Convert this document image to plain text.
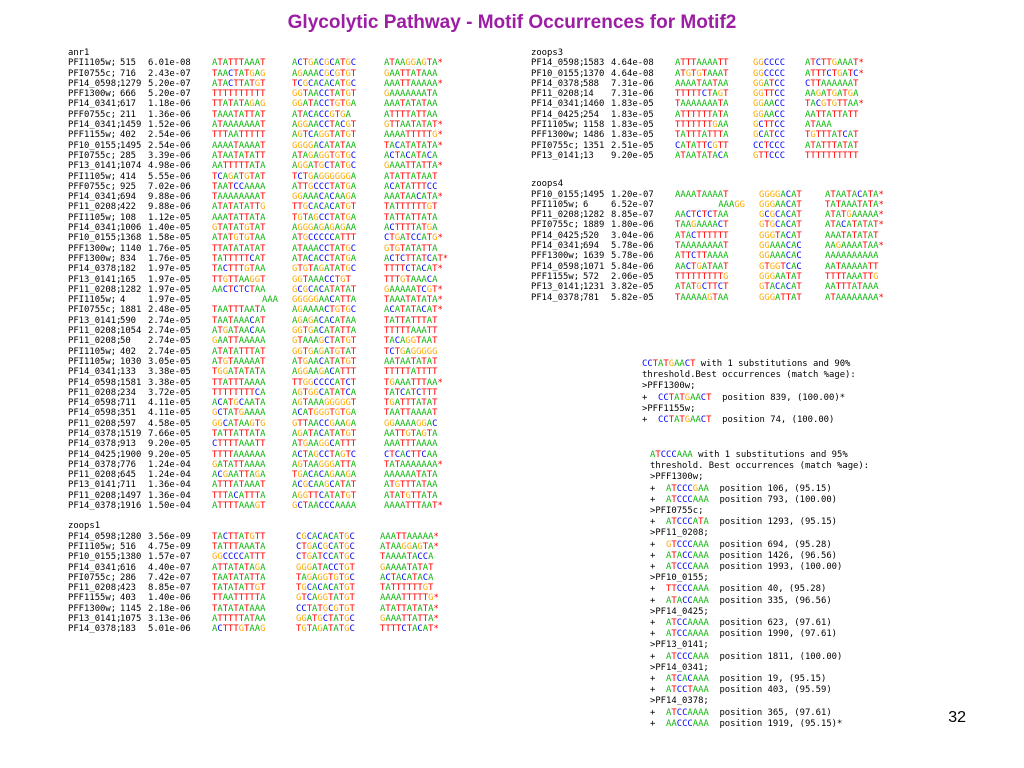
Glycolytic Pathway - Motif Occurrences for Motif2
anr1
PFI1105w; 515 6.01e-08 ATATTTAAAT	ACTGACGCATGC	ATAAGGAGTA*
PFI0755c; 716 2.43e-07 TAACTATGAG	AGAAACGCGTGT	GAATTATAAA
PF14_0598;1279 5.20e-07 ATACTTATGT	TCGCACACATGC	AAATTAAAAA*
PFF1300w; 666 5.20e-07 TTTTTTTTTT	GGTAACCTATGT	GAAAAAAATA
PF14_0341;617 1.18e-06 TTATATAGAG	GGATACCTGTGA	AAATATATAA
PFF0755c; 211 1.36e-06 TAAATATTAT	ATACACCGTGA	ATTTTATTAA
PF14_0341;1459 1.52e-06 ATAAAAAAAT	AGGAACCTACGT	GTTAATATAT*
PFF1155w; 402 2.54e-06 TTTAATTTTT	AGTCAGGTATGT	AAAATTTTTG*
PF10_0155;1495 2.54e-06 AAAATAAAAT	GGGGACATATAA	TACATATATA*
PFI0755c; 285 3.39e-06 ATAATATATT	ATAGAGGTGTGC	ACTACATACA
PF13_0141;1074 4.98e-06 AATTTTTATA	AGGATGCTATGC	GAAATTATTA*
PFI1105w; 414 5.55e-06 TCAGATGTAT	TCTGAGGGGGGA	ATATTATAAT
PFF0755c; 925 7.02e-06 TAATCCAAAA	ATTGCCCTATGA	ACATATTTCC
PF14_0341;694 9.88e-06 TAAAAAAAAT	GGAAACACAAGA	AAATAACATA*
PF11_0208;422 9.88e-06 ATATATATTG	TTGCACACATGT	TATTTTTTGT
PFI1105w; 108 1.12e-05 AAATATTATA	TGTAGCCTATGA	TATTATTATA
PF14_0341;1006 1.40e-05 GTATATGTAT	AGGGAGAGAGAA	ACTTTTATGA
PF10_0155;1368 1.58e-05 ATATGTGTAA	ATGCCCCCATTT	CTGATCCATG*
PFF1300w; 1140 1.76e-05 TTATATATAT	ATAAACCTATGC	GTGTATATTA
PFF1300w; 834 1.76e-05 TATTTTTCAT	ATACACCTATGA	ACTCTTATCAT*
PF14_0378;182 1.97e-05 TACTTTGTAA	GTGTAGATATGC	TTTTCTACAT*
PF13_0141;165 1.97e-05 TTGTTAAGGT	GGTAAACCTGT	TTTGTAAACA
PF11_0208;1282 1.97e-05 AACTCTCTAA	GCGCACATATAT	GAAAAATCGT*
PFI1105w; 4	1.97e-05	AAA GGGGGAACATTA	TAAATATATA*
PFI0755c; 1881 2.48e-05 TAATTTAATA	AGAAAACTGTGC	ACATATACAT*
PF13_0141;590 2.74e-05 TAATAAACAT	AGAGACACATAA	TATTATTTAT
PF11_0208;1054 2.74e-05 ATGATAACAA	GGTGACATATTA	TTTTTAAATT
PF11_0208;50 2.74e-05 GAATTAAAAA	GTAAAGCTATGT	TACAGGTAAT
PFI1105w; 402 2.74e-05 ATATATTTAT	GGTGAGATGTAT	TCTGAGGGGG
PFI1105w; 1030 3.05e-05 ATGTAAAAAT	ATGAACATATGT	AATAATATAT
PF14_0341;133 3.38e-05 TGGATATATA	AGGAAGACATTT	TTTTTATTTT
PF14_0598;1581 3.38e-05 TTATTTAAAA	TTGGCCCCATCT	TGAAATTTAA*
PF11_0208;234 3.72e-05 TTTTTTTTCA	AGTGGCATATCA	TATCATCTTT
PF14_0598;711 4.11e-05 ACATGCAATA	AGTAAAGGGGGT	TGATTTATAT
PF14_0598;351 4.11e-05 GCTATGAAAA	ACATGGGTGTGA	TAATTAAAAT
PF11_0208;597 4.58e-05 GGCATAAGTG	GTTAACCGAAGA	GGAAAAGGAC
PF14_0378;1519 7.66e-05 TATTATTATA	AGATACATATGT	AATTGTAGTA
PF14_0378;913 9.20e-05 CTTTTAAATT	ATGAAGGCATTT	AAATTTAAAA
PF14_0425;1900 9.20e-05 TTTTAAAAAA	ACTAGCCTAGTC	CTCACTTCAA
PF14_0378;776 1.24e-04 GATATTAAAA	AGTAAGGGATTA	TATAAAAAAA*
PF11_0208;645 1.24e-04 ACGAATTAGA	TGACACAGAAGA	AAAAAATATA
PF13_0141;711 1.36e-04 ATTTATAAAT	ACGCAAGCATAT	ATGTTTATAA
PF11_0208;1497 1.36e-04 TTTACATTTA	AGGTTCATATGT	ATATGTTATA
PF14_0378;1916 1.50e-04 ATTTTAAAGT	GCTAACCCAAAA	AAAATTTAAT*
zoops1
PF14_0598;1280 3.56e-09 TACTTATGTT	CGCACACATGC	AAATTAAAAA*
PFI1105w; 516 4.75e-09 TATTTAAATA	CTGACGCATGC	ATAAGGAGTA*
PF10_0155;1380 1.57e-07 GGCCCCATTT	CTGATCCATGC	TAAAATACCA
PF14_0341;616 4.40e-07 ATTATATAGA	GGGATACCTGT	GAAAATATAT
PFI0755c; 286 7.42e-07 TAATATATTA	TAGAGGTGTGC	ACTACATACA
PF11_0208;423 8.85e-07 TATATATTGT	TGCACACATGT	TATTTTTTGT
PFF1155w; 403 1.40e-06 TTAATTTTTA	GTCAGGTATGT	AAAATTTTTG*
PFF1300w; 1145 2.18e-06 TATATATAAA	CCTATGCGTGT	ATATTATATA*
PF13_0141;1075 3.13e-06 ATTTTTATAA	GGATGCTATGC	GAAATTATTA*
PF14_0378;183 5.01e-06 ACTTTGTAAG	TGTAGATATGC	TTTTCTACAT*
zoops3
PF14_0598;1583 4.64e-08 ATTTAAAATT	GGCCCC ATCTTGAAAT*
PF10_0155;1370 4.64e-08 ATGTGTAAAT	GGCCCC ATTTCTGATC*
PF14_0378;588 7.31e-06 AAAATAATAA	GGATCC CTTAAAAAAT
PF11_0208;14 7.31e-06 TTTTTCTAGT	GGTTCC AAGATGATGA
PF14_0341;1460 1.83e-05 TAAAAAAATA	GGAACC TACGTGTTAA*
PF14_0425;254 1.83e-05 ATTTTTTATA	GGAACC AATTATTATT
PFI1105w; 1158 1.83e-05 TTTTTTTGAA	GCTTCC ATAAA
PFF1300w; 1486 1.83e-05 TATTTATTTA	GCATCC TGTTTATCAT
PFI0755c; 1351 2.51e-05 CATATTCGTT	CCTCCC ATATTTATAT
PF13_0141;13 9.20e-05 ATAATATACA	GTTCCC TTTTTTTTTT
zoops4
PF10_0155;1495 1.20e-07 AAAATAAAAT	GGGGACAT	ATAATACATA*
PFI1105w; 6	6.52e-07	AAAGG GGGAACAT	TATAAATATA*
PF11_0208;1282 8.85e-07 AACTCTCTAA	GCGCACAT	ATATGAAAAA*
PFI0755c; 1889 1.80e-06 TAAGAAAACT	GTGCACAT	ATACATATAT*
PF14_0425;520 3.04e-06 ATACTTTTTT	GGGTACAT	AAATATATAT
PF14_0341;694 5.78e-06 TAAAAAAAAT	GGAAACAC	AAGAAAATAA*
PFF1300w; 1639 5.78e-06 ATTCTTAAAA	GGAAACAC	AAAAAAAAAA
PF14_0598;1071 5.84e-06 AACTGATAAT	GTGGTCAC	AATAAAAATT
PFF1155w; 572 2.06e-05 TTTTTTTTTG	GGGAATAT	TTTTAAATTG
PF13_0141;1231 3.82e-05 ATATGCTTCT	GTACACAT	AATTTATAAA
PF14_0378;781 5.82e-05 TAAAAAGTAA	GGGATTAT	ATAAAAAAAA*
CCTATGAACT with 1 substitutions and 90%
threshold.Best occurrences (match %age):
>PFF1300w;
+  CCTATGAACT  position 839, (100.00)*
>PFF1155w;
+  CCTATGAACT  position 74, (100.00)
ATCCCAAA with 1 substitutions and 95%
threshold. Best occurrences (match %age):
>PFF1300w;
+  ATCCCGAA  position 106, (95.15)
+  ATCCCAAA  position 793, (100.00)
>PFI0755c;
+  ATCCCATA  position 1293, (95.15)
>PF11_0208;
+  GTCCCAAA  position 694, (95.28)
+  ATACCAAA  position 1426, (96.56)
+  ATCCCAAA  position 1993, (100.00)
>PF10_0155;
+  TTCCCAAA  position 40, (95.28)
+  ATACCAAA  position 335, (96.56)
>PF14_0425;
+  ATCCAAAA  position 623, (97.61)
+  ATCCAAAA  position 1990, (97.61)
>PF13_0141;
+  ATCCCAAA  position 1811, (100.00)
>PF14_0341;
+  ATCACAAA  position 19, (95.15)
+  ATCCTAAA  position 403, (95.59)
>PF14_0378;
+  ATCCAAAA  position 365, (97.61)
+  AACCCAAA  position 1919, (95.15)*	32
